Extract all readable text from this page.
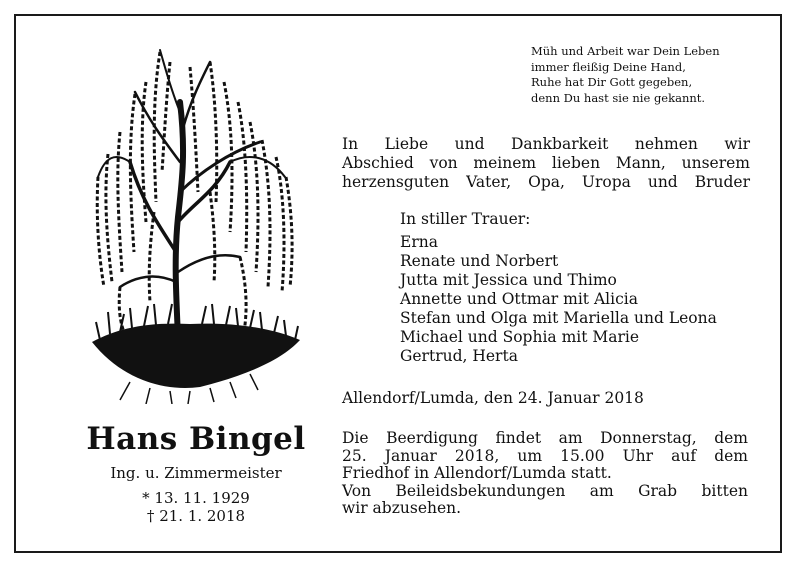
Müh und Arbeit war Dein Leben
immer fleißig Deine Hand,
Ruhe hat Dir Gott gegeben,
denn Du hast sie nie gekannt.
In Liebe und Dankbarkeit nehmen wir
Abschied von meinem lieben Mann, unserem
herzensguten Vater, Opa, Uropa und Bruder
In stiller Trauer:
Erna
Renate und Norbert
Jutta mit Jessica und Thimo
Annette und Ottmar mit Alicia
Stefan und Olga mit Mariella und Leona
Michael und Sophia mit Marie
Gertrud, Herta
Allendorf/Lumda, den 24. Januar 2018
Die Beerdigung findet am Donnerstag, dem
25. Januar 2018, um 15.00 Uhr auf dem
Friedhof in Allendorf/Lumda statt.
Von Beileidsbekundungen am Grab bitten
wir abzusehen.
Hans Bingel
Ing. u. Zimmermeister
* 13. 11. 1929
† 21. 1. 2018
